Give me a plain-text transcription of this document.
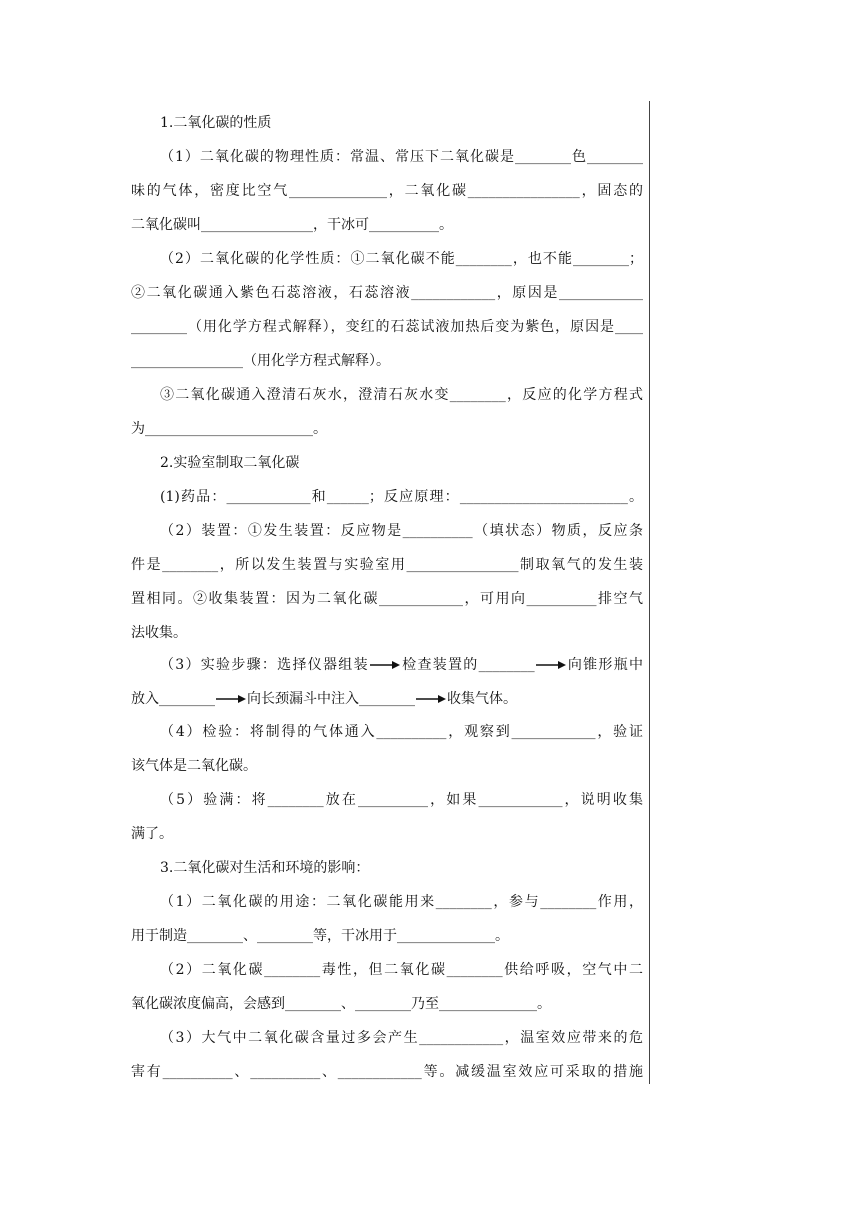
1.二氧化碳的性质
（1）二氧化碳的物理性质：常温、常压下二氧化碳是________色________
味的气体，密度比空气______________，二氧化碳________________，固态的
二氧化碳叫________________，干冰可__________。
（2）二氧化碳的化学性质：①二氧化碳不能________，也不能________；
②二氧化碳通入紫色石蕊溶液，石蕊溶液____________，原因是____________
________（用化学方程式解释），变红的石蕊试液加热后变为紫色，原因是____
________________（用化学方程式解释）。
③二氧化碳通入澄清石灰水，澄清石灰水变________，反应的化学方程式
为________________________。
2.实验室制取二氧化碳
(1)药品：____________和______；反应原理：________________________。
（2）装置：①发生装置：反应物是__________（填状态）物质，反应条
件是________，所以发生装置与实验室用________________制取氧气的发生装
置相同。②收集装置：因为二氧化碳____________，可用向__________排空气
法收集。
（3）实验步骤：选择仪器组装 检查装置的________ 向锥形瓶中
放入________ 向长颈漏斗中注入________ 收集气体。
（4）检验：将制得的气体通入__________，观察到____________，验证
该气体是二氧化碳。
（5）验满：将________放在__________，如果____________，说明收集
满了。
3.二氧化碳对生活和环境的影响：
（1）二氧化碳的用途：二氧化碳能用来________，参与________作用，
用于制造________、________等，干冰用于______________。
（2）二氧化碳________毒性，但二氧化碳________供给呼吸，空气中二
氧化碳浓度偏高，会感到________、________乃至______________。
（3）大气中二氧化碳含量过多会产生____________，温室效应带来的危
害有__________、__________、____________等。减缓温室效应可采取的措施
